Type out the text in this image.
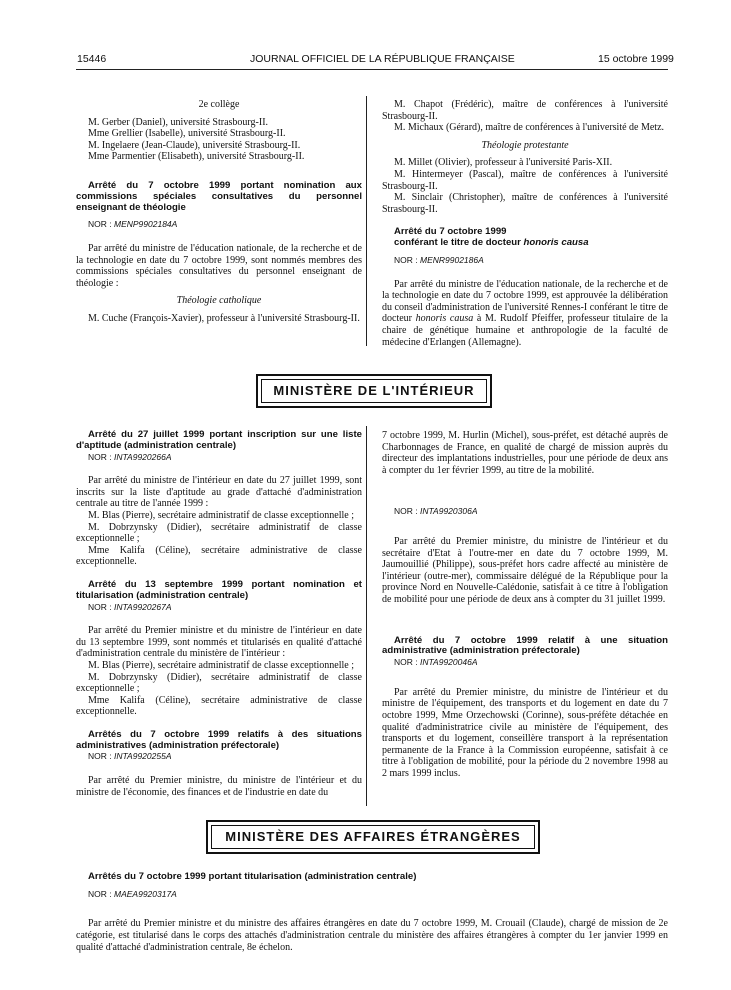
15446	JOURNAL OFFICIEL DE LA RÉPUBLIQUE FRANÇAISE	15 octobre 1999

2e collège

M. Gerber (Daniel), université Strasbourg-II.

Mme Grellier (Isabelle), université Strasbourg-II.

M. Ingelaere (Jean-Claude), université Strasbourg-II.

Mme Parmentier (Elisabeth), université Strasbourg-II.

Arrêté du 7 octobre 1999 portant nomination aux commissions spéciales consultatives du personnel enseignant de théologie

NOR : MENP9902184A

Par arrêté du ministre de l'éducation nationale, de la recherche et de la technologie en date du 7 octobre 1999, sont nommés membres des commissions spéciales consultatives du personnel enseignant de théologie :

Théologie catholique

M. Cuche (François-Xavier), professeur à l'université Strasbourg-II.

M. Chapot (Frédéric), maître de conférences à l'université Strasbourg-II.

M. Michaux (Gérard), maître de conférences à l'université de Metz.

Théologie protestante

M. Millet (Olivier), professeur à l'université Paris-XII.

M. Hintermeyer (Pascal), maître de conférences à l'université Strasbourg-II.

M. Sinclair (Christopher), maître de conférences à l'université Strasbourg-II.

Arrêté du 7 octobre 1999

conférant le titre de docteur honoris causa

NOR : MENR9902186A

Par arrêté du ministre de l'éducation nationale, de la recherche et de la technologie en date du 7 octobre 1999, est approuvée la délibération du conseil d'administration de l'université Rennes-I conférant le titre de docteur honoris causa à M. Rudolf Pfeiffer, professeur titulaire de la chaire de génétique humaine et anthropologie de la faculté de médecine d'Erlangen (Allemagne).

MINISTÈRE DE L'INTÉRIEUR

Arrêté du 27 juillet 1999 portant inscription sur une liste d'aptitude (administration centrale)

NOR : INTA9920266A

Par arrêté du ministre de l'intérieur en date du 27 juillet 1999, sont inscrits sur la liste d'aptitude au grade d'attaché d'administration centrale au titre de l'année 1999 :

M. Blas (Pierre), secrétaire administratif de classe exceptionnelle ;

M. Dobrzynsky (Didier), secrétaire administratif de classe exceptionnelle ;

Mme Kalifa (Céline), secrétaire administrative de classe exceptionnelle.

Arrêté du 13 septembre 1999 portant nomination et titularisation (administration centrale)

NOR : INTA9920267A

Par arrêté du Premier ministre et du ministre de l'intérieur en date du 13 septembre 1999, sont nommés et titularisés en qualité d'attaché d'administration centrale du ministère de l'intérieur :

M. Blas (Pierre), secrétaire administratif de classe exceptionnelle ;

M. Dobrzynsky (Didier), secrétaire administratif de classe exceptionnelle ;

Mme Kalifa (Céline), secrétaire administrative de classe exceptionnelle.

Arrêtés du 7 octobre 1999 relatifs à des situations administratives (administration préfectorale)

NOR : INTA9920255A

Par arrêté du Premier ministre, du ministre de l'intérieur et du ministre de l'économie, des finances et de l'industrie en date du

7 octobre 1999, M. Hurlin (Michel), sous-préfet, est détaché auprès de Charbonnages de France, en qualité de chargé de mission auprès du directeur des implantations industrielles, pour une période de deux ans à compter du 1er février 1999, au titre de la mobilité.

NOR : INTA9920306A

Par arrêté du Premier ministre, du ministre de l'intérieur et du secrétaire d'Etat à l'outre-mer en date du 7 octobre 1999, M. Jaumouillié (Philippe), sous-préfet hors cadre affecté au ministère de l'intérieur (outre-mer), commissaire délégué de la République pour la province Nord en Nouvelle-Calédonie, satisfait à ce titre à l'obligation de mobilité pour une période de deux ans à compter du 31 juillet 1999.

Arrêté du 7 octobre 1999 relatif à une situation administrative (administration préfectorale)

NOR : INTA9920046A

Par arrêté du Premier ministre, du ministre de l'intérieur et du ministre de l'équipement, des transports et du logement en date du 7 octobre 1999, Mme Orzechowski (Corinne), sous-préfète détachée en qualité d'administratrice civile au ministère de l'équipement, des transports et du logement, conseillère transport à la représentation permanente de la France à la Commission européenne, satisfait à ce titre à l'obligation de mobilité, pour la période du 2 novembre 1998 au 2 mars 1999 inclus.

MINISTÈRE DES AFFAIRES ÉTRANGÈRES

Arrêtés du 7 octobre 1999 portant titularisation (administration centrale)

NOR : MAEA9920317A

Par arrêté du Premier ministre et du ministre des affaires étrangères en date du 7 octobre 1999, M. Crouail (Claude), chargé de mission de 2e catégorie, est titularisé dans le corps des attachés d'administration centrale du ministère des affaires étrangères à compter du 1er janvier 1999 en qualité d'attaché d'administration centrale, 8e échelon.
